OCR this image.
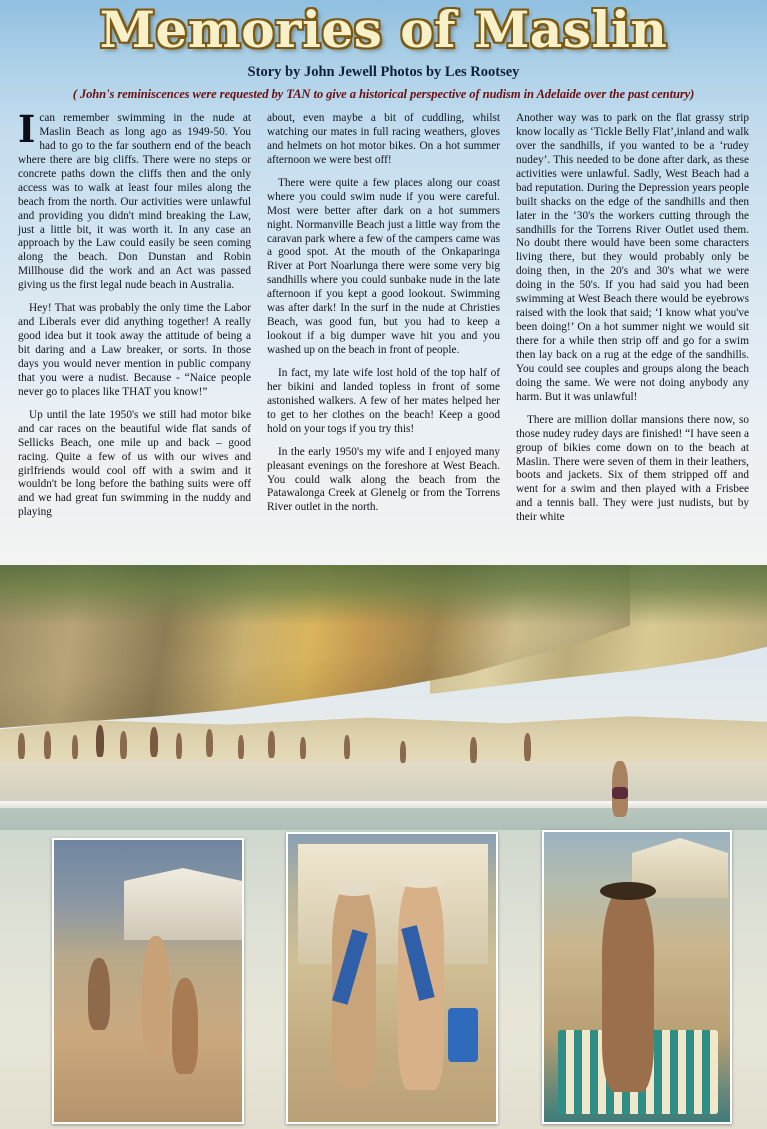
Memories of Maslin
Story by John Jewell Photos by Les Rootsey
( John's reminiscences were requested by TAN to give a historical perspective of nudism in Adelaide over the past century)

Ican remember swimming in the nude at Maslin Beach as long ago as 1949-50. You had to go to the far southern end of the beach where there are big cliffs. There were no steps or concrete paths down the cliffs then and the only access was to walk at least four miles along the beach from the north. Our activities were unlawful and providing you didn't mind breaking the Law, just a little bit, it was worth it. In any case an approach by the Law could easily be seen coming along the beach. Don Dunstan and Robin Millhouse did the work and an Act was passed giving us the first legal nude beach in Australia.

Hey! That was probably the only time the Labor and Liberals ever did anything together! A really good idea but it took away the attitude of being a bit daring and a Law breaker, or sorts. In those days you would never mention in public company that you were a nudist. Because - “Naice people never go to places like THAT you know!”

Up until the late 1950's we still had motor bike and car races on the beautiful wide flat sands of Sellicks Beach, one mile up and back – good racing. Quite a few of us with our wives and girlfriends would cool off with a swim and it wouldn't be long before the bathing suits were off and we had great fun swimming in the nuddy and playing

about, even maybe a bit of cuddling, whilst watching our mates in full racing weathers, gloves and helmets on hot motor bikes. On a hot summer afternoon we were best off!

There were quite a few places along our coast where you could swim nude if you were careful. Most were better after dark on a hot summers night. Normanville Beach just a little way from the caravan park where a few of the campers came was a good spot. At the mouth of the Onkaparinga River at Port Noarlunga there were some very big sandhills where you could sunbake nude in the late afternoon if you kept a good lookout. Swimming was after dark! In the surf in the nude at Christies Beach, was good fun, but you had to keep a lookout if a big dumper wave hit you and you washed up on the beach in front of people.

In fact, my late wife lost hold of the top half of her bikini and landed topless in front of some astonished walkers. A few of her mates helped her to get to her clothes on the beach! Keep a good hold on your togs if you try this!

In the early 1950's my wife and I enjoyed many pleasant evenings on the foreshore at West Beach. You could walk along the beach from the Patawalonga Creek at Glenelg or from the Torrens River outlet in the north.

Another way was to park on the flat grassy strip know locally as ‘Tickle Belly Flat’,inland and walk over the sandhills, if you wanted to be a ‘rudey nudey’. This needed to be done after dark, as these activities were unlawful. Sadly, West Beach had a bad reputation. During the Depression years people built shacks on the edge of the sandhills and then later in the ‘30's the workers cutting through the sandhills for the Torrens River Outlet used them. No doubt there would have been some characters living there, but they would probably only be doing then, in the 20's and 30's what we were doing in the 50's. If you had said you had been swimming at West Beach there would be eyebrows raised with the look that said; ‘I know what you've been doing!’ On a hot summer night we would sit there for a while then strip off and go for a swim then lay back on a rug at the edge of the sandhills. You could see couples and groups along the beach doing the same. We were not doing anybody any harm. But it was unlawful!

There are million dollar mansions there now, so those nudey rudey days are finished! “I have seen a group of bikies come down on to the beach at Maslin. There were seven of them in their leathers, boots and jackets. Six of them stripped off and went for a swim and then played with a Frisbee and a tennis ball. They were just nudists, but by their white
